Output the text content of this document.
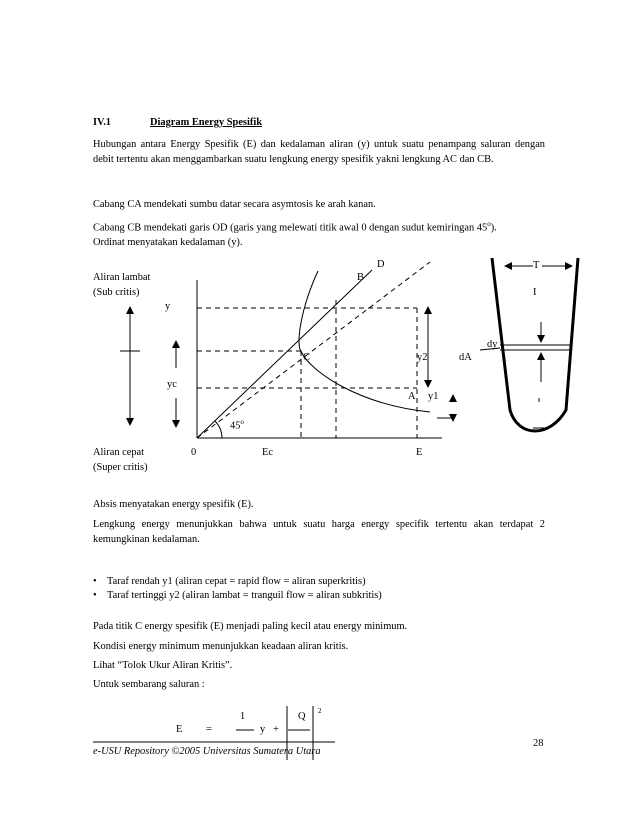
IV.1	Diagram Energy Spesifik
Hubungan antara Energy Spesifik (E) dan kedalaman aliran (y) untuk suatu penampang saluran dengan debit tertentu akan menggambarkan suatu lengkung energy spesifik yakni lengkung AC dan CB.
Cabang CA mendekati sumbu datar secara asymtosis ke arah kanan.
Cabang CB mendekati garis OD (garis yang melewati titik awal 0 dengan sudut kemiringan 45$^o$).
Ordinat menyatakan kedalaman (y).
Aliran lambat
(Sub critis)
y
yc
Aliran cepat
(Super critis)
0	Ec	E
D
B
C	y2
A y1
45$^o$
T
I
dy
dA
Absis menyatakan energy spesifik (E).
Lengkung energy menunjukkan bahwa untuk suatu harga energy specifik tertentu akan terdapat 2 kemungkinan kedalaman.
•    Taraf rendah y1 (aliran cepat = rapid flow = aliran superkritis)
•    Taraf tertinggi y2 (aliran lambat = tranguil flow = aliran subkritis)
Pada titik C energy spesifik (E) menjadi paling kecil atau energy minimum.
Kondisi energy minimum menunjukkan keadaan aliran kritis.
Lihat “Tolok Ukur Aliran Kritis”.
Untuk sembarang saluran :
E =
1
y +
Q 2
e-USU Repository ©2005 Universitas Sumatera Utara
28
